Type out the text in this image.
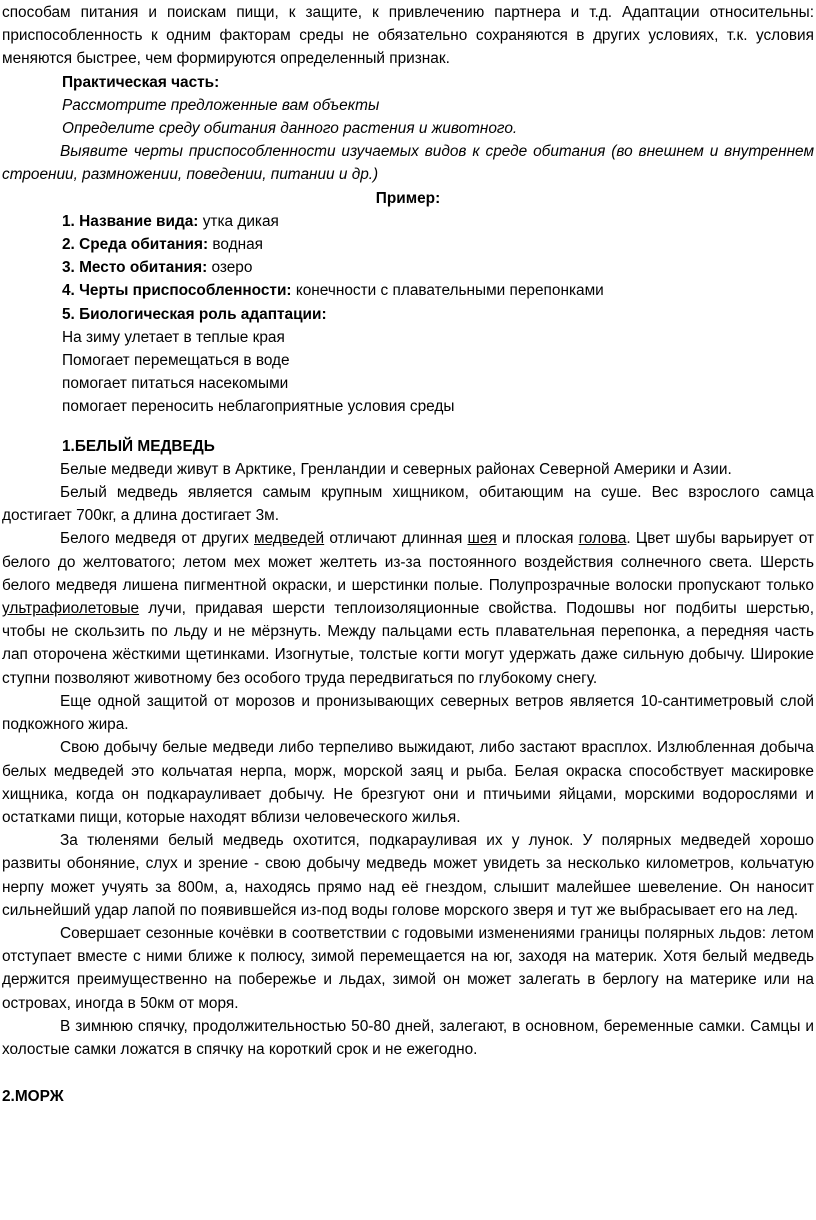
способам питания и поискам пищи, к защите, к привлечению партнера и т.д. Адаптации относительны: приспособленность к одним факторам среды не обязательно сохраняются в других условиях, т.к. условия меняются быстрее, чем формируются определенный признак.

Практическая часть:

Рассмотрите предложенные вам объекты

Определите среду обитания данного растения и животного.

Выявите черты приспособленности изучаемых видов к среде обитания (во внешнем и внутреннем строении, размножении, поведении, питании и др.)

Пример:

1. Название вида: утка дикая

2. Среда обитания: водная

3. Место обитания: озеро

4. Черты приспособленности: конечности с плавательными перепонками

5. Биологическая роль адаптации:

На зиму улетает в теплые края

Помогает перемещаться в воде

помогает питаться насекомыми

помогает переносить неблагоприятные условия среды

1.БЕЛЫЙ МЕДВЕДЬ

Белые медведи живут в Арктике, Гренландии и северных районах Северной Америки и Азии.

Белый медведь является самым крупным хищником, обитающим на суше. Вес взрослого самца достигает 700кг, а длина достигает 3м.

Белого медведя от других медведей отличают длинная шея и плоская голова. Цвет шубы варьирует от белого до желтоватого; летом мех может желтеть из-за постоянного воздействия солнечного света. Шерсть белого медведя лишена пигментной окраски, и шерстинки полые. Полупрозрачные волоски пропускают только ультрафиолетовые лучи, придавая шерсти теплоизоляционные свойства. Подошвы ног подбиты шерстью, чтобы не скользить по льду и не мёрзнуть. Между пальцами есть плавательная перепонка, а передняя часть лап оторочена жёсткими щетинками. Изогнутые, толстые когти могут удержать даже сильную добычу. Широкие ступни позволяют животному без особого труда передвигаться по глубокому снегу.

Еще одной защитой от морозов и пронизывающих северных ветров является 10-сантиметровый слой подкожного жира.

Свою добычу белые медведи либо терпеливо выжидают, либо застают врасплох. Излюбленная добыча белых медведей это кольчатая нерпа, морж, морской заяц и рыба. Белая окраска способствует маскировке хищника, когда он подкарауливает добычу. Не брезгуют они и птичьими яйцами, морскими водорослями и остатками пищи, которые находят вблизи человеческого жилья.

За тюленями белый медведь охотится, подкарауливая их у лунок. У полярных медведей хорошо развиты обоняние, слух и зрение - свою добычу медведь может увидеть за несколько километров, кольчатую нерпу может учуять за 800м, а, находясь прямо над её гнездом, слышит малейшее шевеление. Он наносит сильнейший удар лапой по появившейся из-под воды голове морского зверя и тут же выбрасывает его на лед.

Совершает сезонные кочёвки в соответствии с годовыми изменениями границы полярных льдов: летом отступает вместе с ними ближе к полюсу, зимой перемещается на юг, заходя на материк. Хотя белый медведь держится преимущественно на побережье и льдах, зимой он может залегать в берлогу на материке или на островах, иногда в 50км от моря.

В зимнюю спячку, продолжительностью 50-80 дней, залегают, в основном, беременные самки. Самцы и холостые самки ложатся в спячку на короткий срок и не ежегодно.

2.МОРЖ
